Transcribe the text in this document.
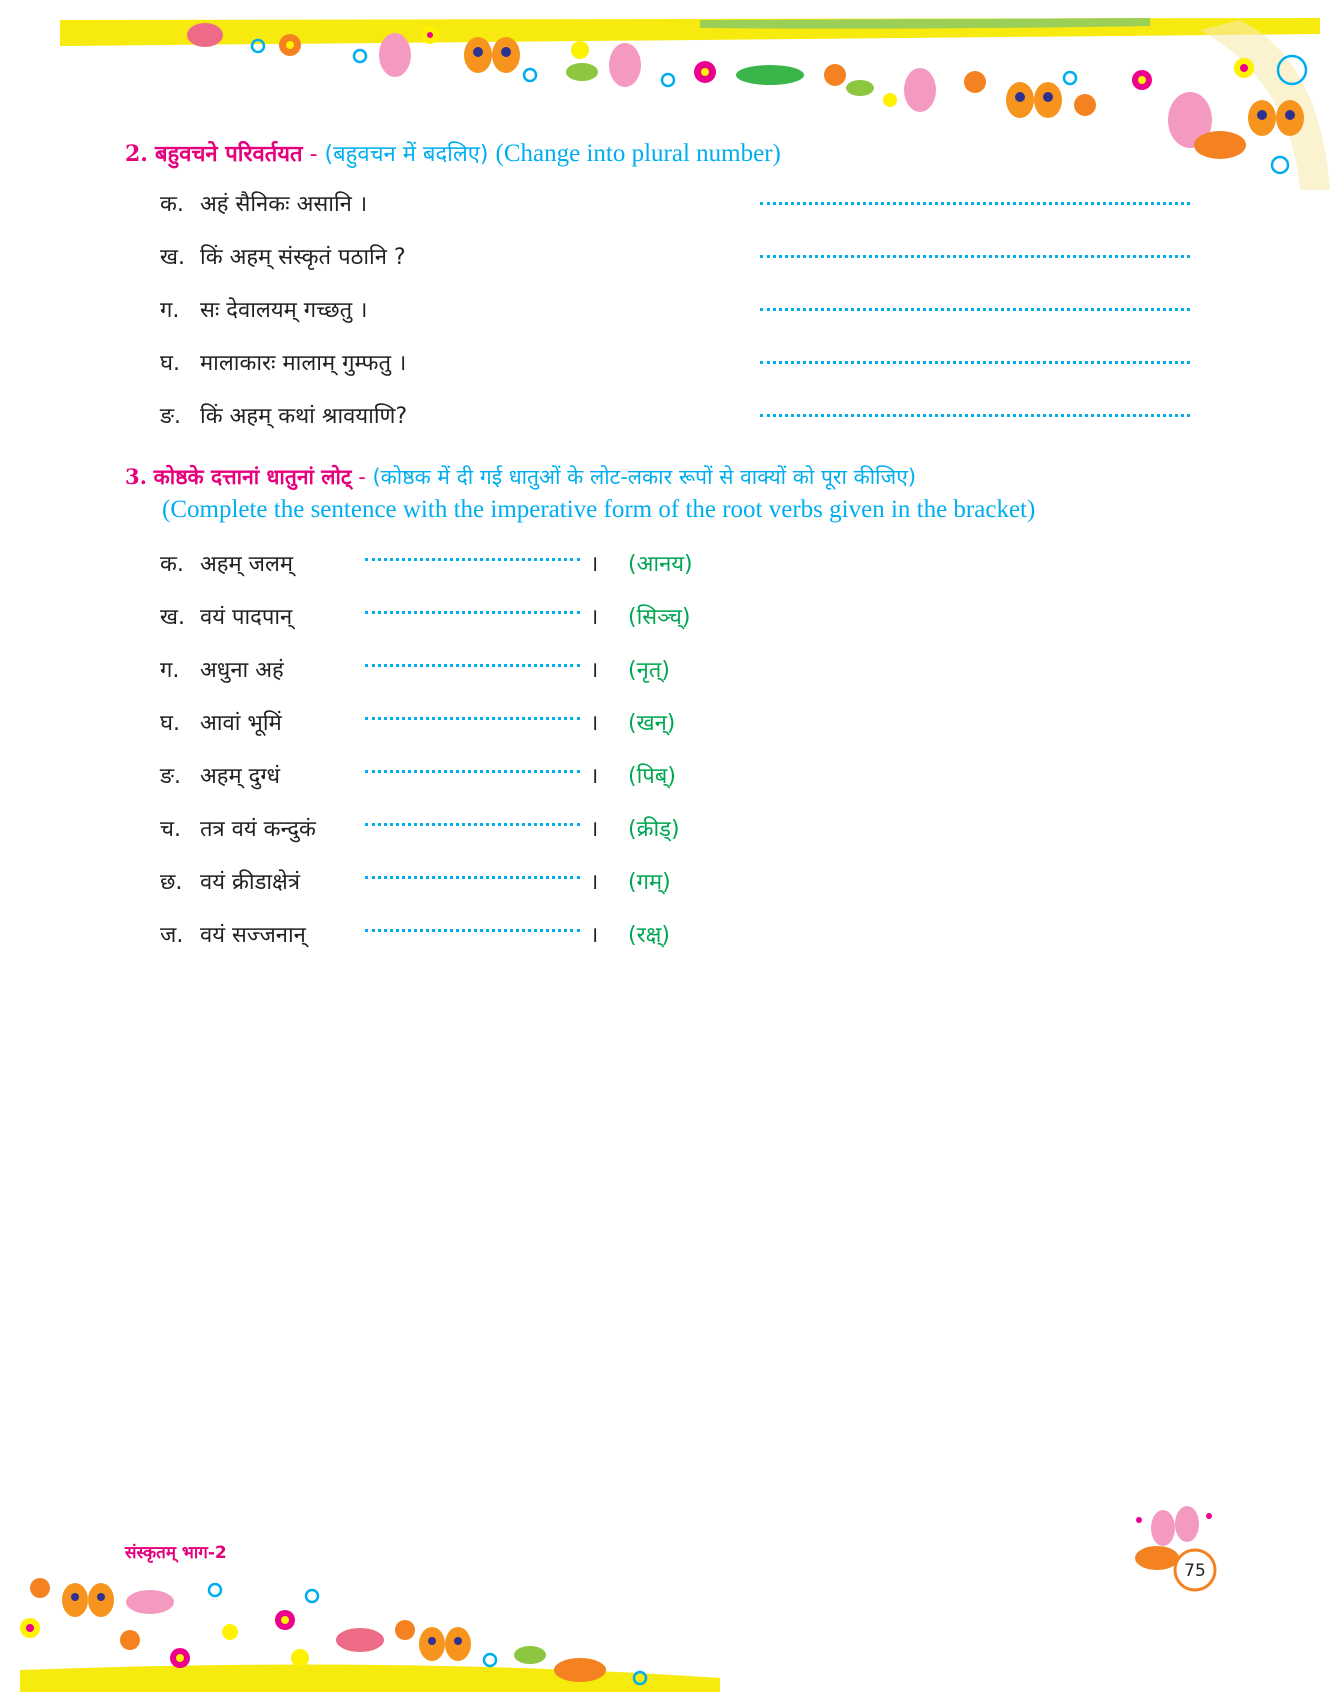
2. बहुवचने परिवर्तयत - (बहुवचन में बदलिए) (Change into plural number)
क. अहं सैनिकः असानि ।
ख. किं अहम् संस्कृतं पठानि ?
ग. सः देवालयम् गच्छतु ।
घ. मालाकारः मालाम् गुम्फतु ।
ङ. किं अहम् कथां श्रावयाणि?
3. कोष्ठके दत्तानां धातुनां लोट् - (कोष्ठक में दी गई धातुओं के लोट-लकार रूपों से वाक्यों को पूरा कीजिए)
(Complete the sentence with the imperative form of the root verbs given in the bracket)
क. अहम् जलम्	। (आनय)
ख. वयं पादपान्	। (सिञ्च्)
ग. अधुना अहं	। (नृत्)
घ. आवां भूमिं	। (खन्)
ङ. अहम् दुग्धं	। (पिब्)
च. तत्र वयं कन्दुकं	। (क्रीड्)
छ. वयं क्रीडाक्षेत्रं	। (गम्)
ज. वयं सज्जनान्	। (रक्ष्)
संस्कृतम् भाग-2
75
